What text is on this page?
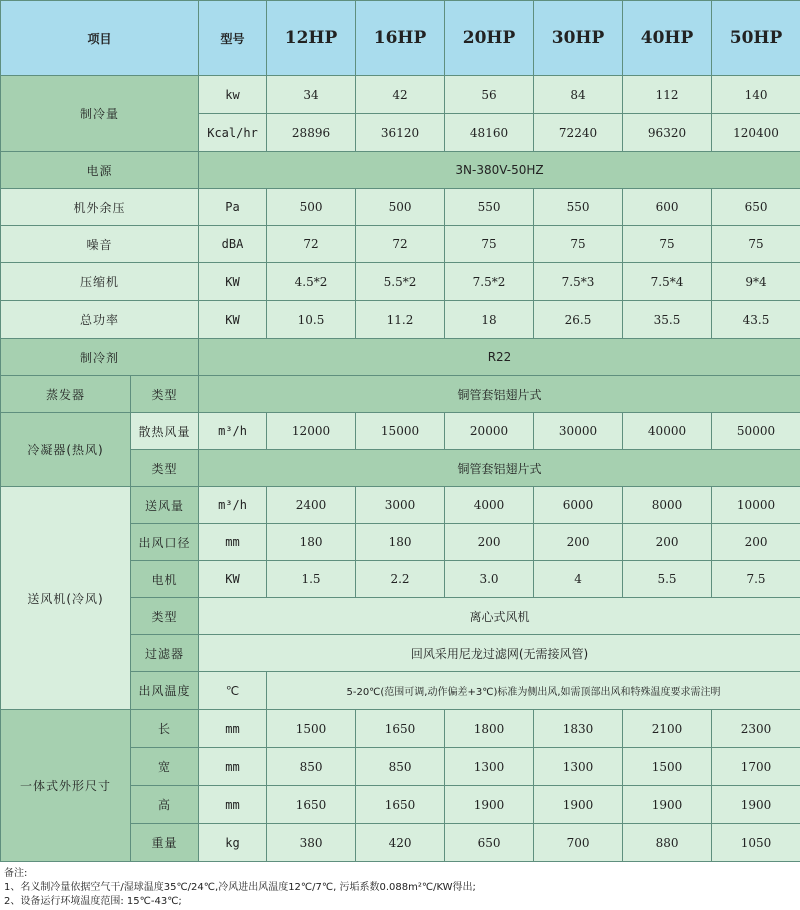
项目		型号	12HP	16HP	20HP	30HP	40HP	50HP
制冷量		kw	34	42	56	84	112	140
		Kcal/hr	28896	36120	48160	72240	96320	120400
电源		3N-380V-50HZ						
机外余压		Pa	500	500	550	550	600	650
噪音		dBA	72	72	75	75	75	75
压缩机		KW	4.5*2	5.5*2	7.5*2	7.5*3	7.5*4	9*4
总功率		KW	10.5	11.2	18	26.5	35.5	43.5
制冷剂		R22						
蒸发器	类型	铜管套铝翅片式						
冷凝器(热风)	散热风量	m³/h	12000	15000	20000	30000	40000	50000
	类型	铜管套铝翅片式						
送风机(冷风)	送风量	m³/h	2400	3000	4000	6000	8000	10000
	出风口径	mm	180	180	200	200	200	200
	电机	KW	1.5	2.2	3.0	4	5.5	7.5
	类型	离心式风机						
	过滤器	回风采用尼龙过滤网(无需接风管)						
	出风温度	℃	5-20℃(范围可调,动作偏差+3℃)标准为侧出风,如需顶部出风和特殊温度要求需注明					
一体式外形尺寸	长	mm	1500	1650	1800	1830	2100	2300
	宽	mm	850	850	1300	1300	1500	1700
	高	mm	1650	1650	1900	1900	1900	1900
	重量	kg	380	420	650	700	880	1050
备注:
1、名义制冷量依据空气干/湿球温度35℃/24℃,冷风进出风温度12℃/7℃, 污垢系数0.088m²℃/KW得出;
2、设备运行环境温度范围: 15℃-43℃;
